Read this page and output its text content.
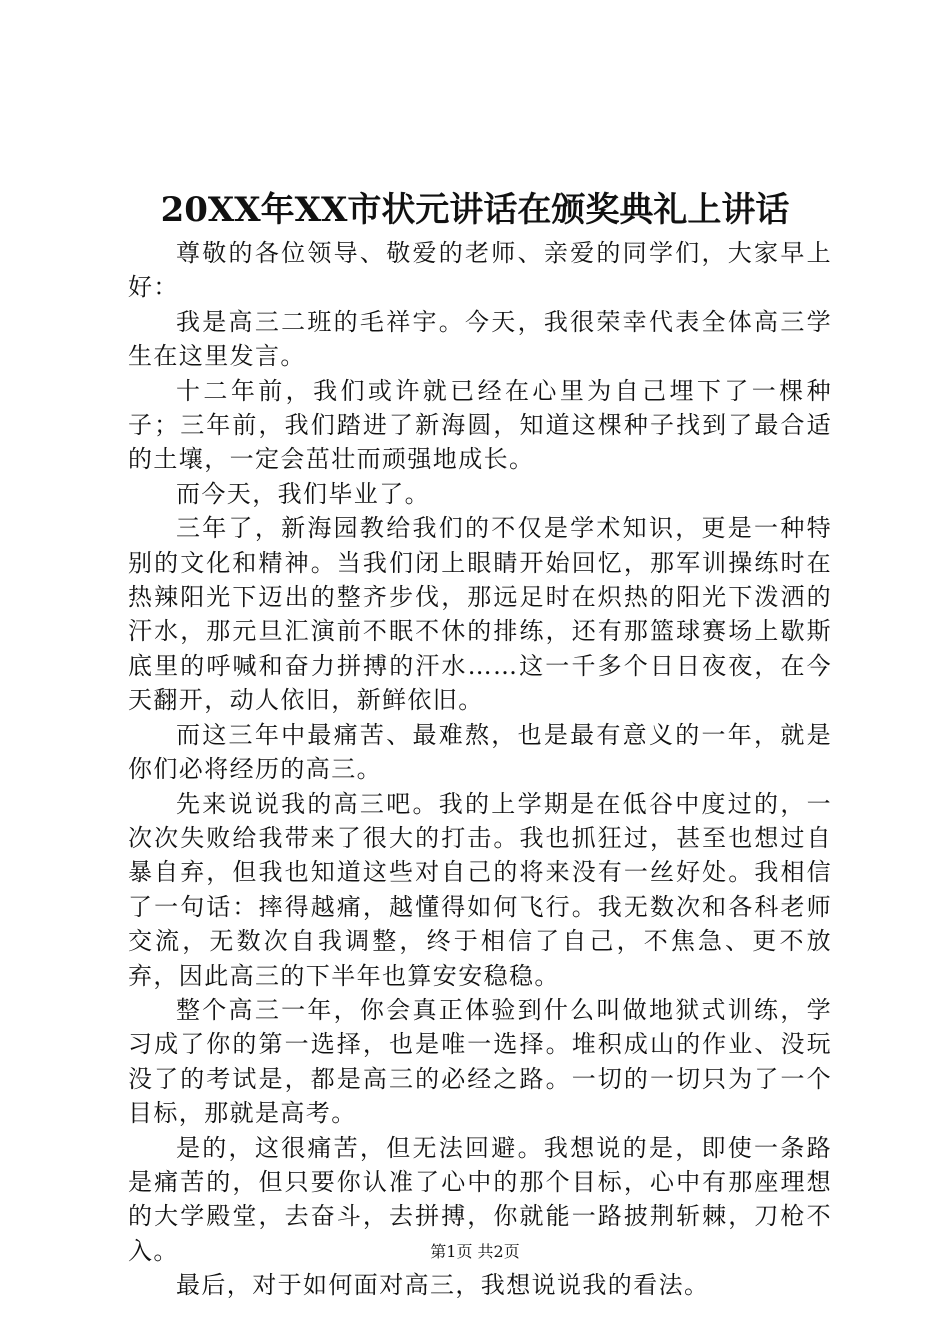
20XX年XX市状元讲话在颁奖典礼上讲话

尊敬的各位领导、敬爱的老师、亲爱的同学们，大家早上好：

我是高三二班的毛祥宇。今天，我很荣幸代表全体高三学生在这里发言。

十二年前，我们或许就已经在心里为自己埋下了一棵种子；三年前，我们踏进了新海圆，知道这棵种子找到了最合适的土壤，一定会茁壮而顽强地成长。

而今天，我们毕业了。

三年了，新海园教给我们的不仅是学术知识，更是一种特别的文化和精神。当我们闭上眼睛开始回忆，那军训操练时在热辣阳光下迈出的整齐步伐，那远足时在炽热的阳光下泼洒的汗水，那元旦汇演前不眠不休的排练，还有那篮球赛场上歇斯底里的呼喊和奋力拼搏的汗水……这一千多个日日夜夜，在今天翻开，动人依旧，新鲜依旧。

而这三年中最痛苦、最难熬，也是最有意义的一年，就是你们必将经历的高三。

先来说说我的高三吧。我的上学期是在低谷中度过的，一次次失败给我带来了很大的打击。我也抓狂过，甚至也想过自暴自弃，但我也知道这些对自己的将来没有一丝好处。我相信了一句话：摔得越痛，越懂得如何飞行。我无数次和各科老师交流，无数次自我调整，终于相信了自己，不焦急、更不放弃，因此高三的下半年也算安安稳稳。

整个高三一年，你会真正体验到什么叫做地狱式训练，学习成了你的第一选择，也是唯一选择。堆积成山的作业、没玩没了的考试是，都是高三的必经之路。一切的一切只为了一个目标，那就是高考。

是的，这很痛苦，但无法回避。我想说的是，即使一条路是痛苦的，但只要你认准了心中的那个目标，心中有那座理想的大学殿堂，去奋斗，去拼搏，你就能一路披荆斩棘，刀枪不入。

最后，对于如何面对高三，我想说说我的看法。

第1页 共2页
